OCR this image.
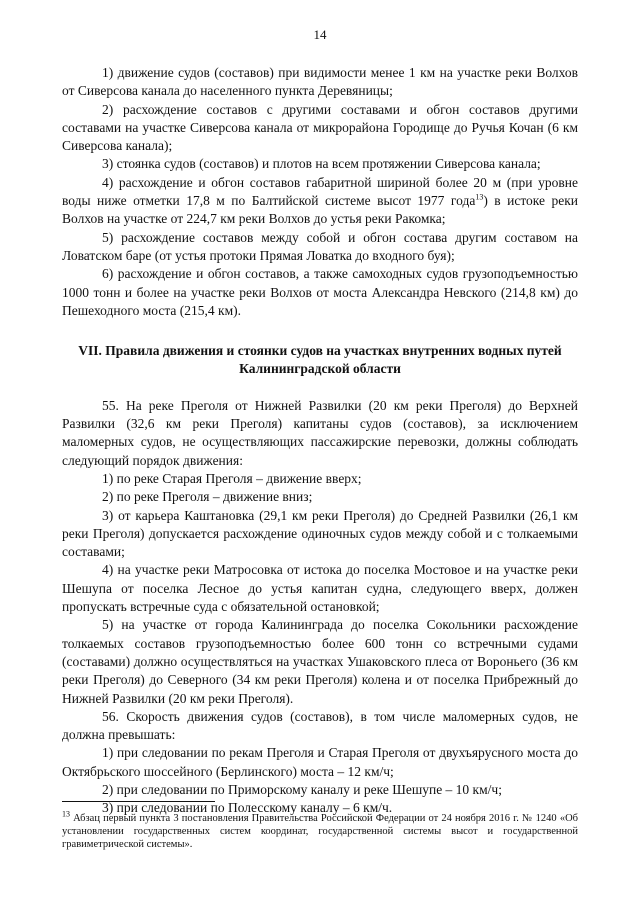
14

1) движение судов (составов) при видимости менее 1 км на участке реки Волхов от Сиверсова канала до населенного пункта Деревяницы;

2) расхождение составов с другими составами и обгон составов другими составами на участке Сиверсова канала от микрорайона Городище до Ручья Кочан (6 км Сиверсова канала);

3) стоянка судов (составов) и плотов на всем протяжении Сиверсова канала;

4) расхождение и обгон составов габаритной шириной более 20 м (при уровне воды ниже отметки 17,8 м по Балтийской системе высот 1977 года$^{13}$) в истоке реки Волхов на участке от 224,7 км реки Волхов до устья реки Ракомка;

5) расхождение составов между собой и обгон состава другим составом на Ловатском баре (от устья протоки Прямая Ловатка до входного буя);

6) расхождение и обгон составов, а также самоходных судов грузоподъемностью 1000 тонн и более на участке реки Волхов от моста Александра Невского (214,8 км) до Пешеходного моста (215,4 км).

VII. Правила движения и стоянки судов на участках внутренних водных путей
Калининградской области

55. На реке Преголя от Нижней Развилки (20 км реки Преголя) до Верхней Развилки (32,6 км реки Преголя) капитаны судов (составов), за исключением маломерных судов, не осуществляющих пассажирские перевозки, должны соблюдать следующий порядок движения:

1) по реке Старая Преголя – движение вверх;

2) по реке Преголя – движение вниз;

3) от карьера Каштановка (29,1 км реки Преголя) до Средней Развилки (26,1 км реки Преголя) допускается расхождение одиночных судов между собой и с толкаемыми составами;

4) на участке реки Матросовка от истока до поселка Мостовое и на участке реки Шешупа от поселка Лесное до устья капитан судна, следующего вверх, должен пропускать встречные суда с обязательной остановкой;

5) на участке от города Калининграда до поселка Сокольники расхождение толкаемых составов грузоподъемностью более 600 тонн со встречными судами (составами) должно осуществляться на участках Ушаковского плеса от Вороньего (36 км реки Преголя) до Северного (34 км реки Преголя) колена и от поселка Прибрежный до Нижней Развилки (20 км реки Преголя).

56. Скорость движения судов (составов), в том числе маломерных судов, не должна превышать:

1) при следовании по рекам Преголя и Старая Преголя от двухъярусного моста до Октябрьского шоссейного (Берлинского) моста – 12 км/ч;

2) при следовании по Приморскому каналу и реке Шешупе – 10 км/ч;

3) при следовании по Полесскому каналу – 6 км/ч.

$^{13}$ Абзац первый пункта 3 постановления Правительства Российской Федерации от 24 ноября 2016 г. № 1240 «Об установлении государственных систем координат, государственной системы высот и государственной гравиметрической системы».
